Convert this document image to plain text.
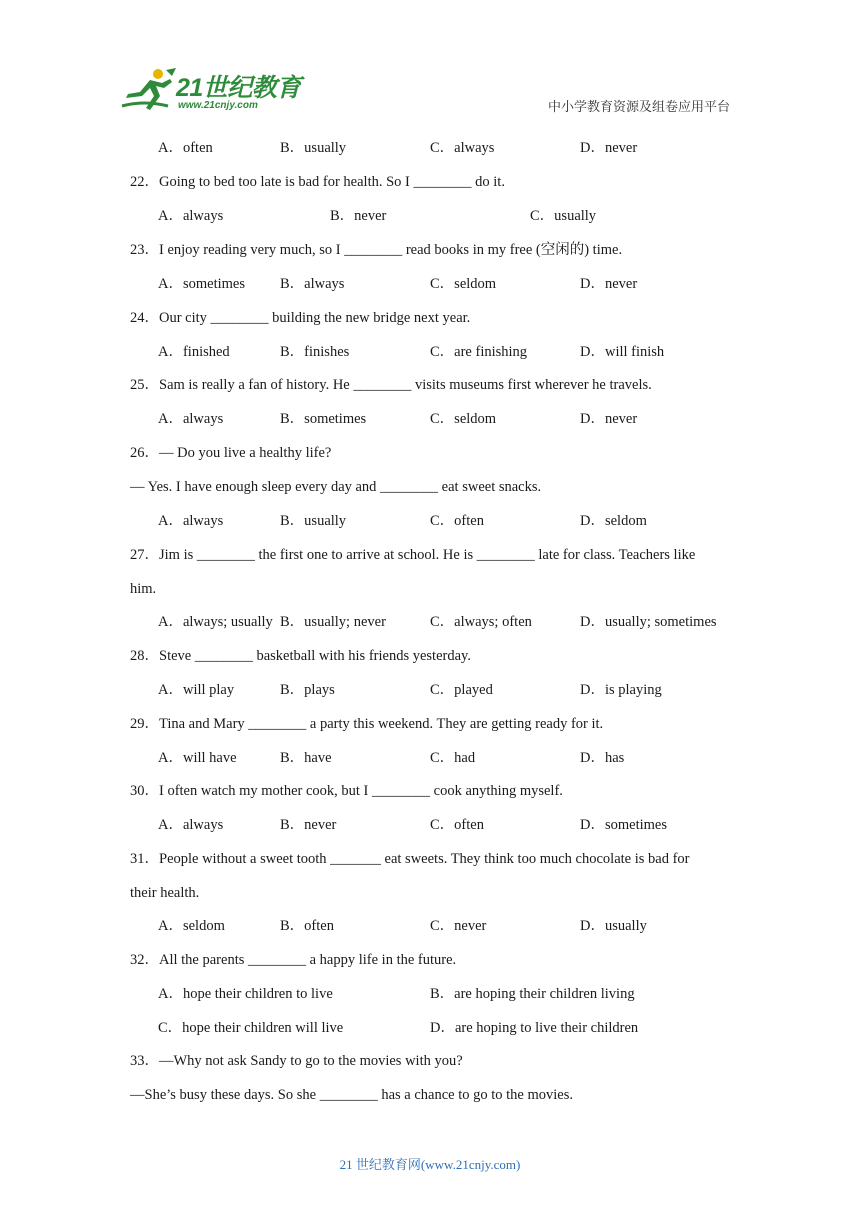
21世纪教育
www.21cnjy.com	中小学教育资源及组卷应用平台
A．often	B．usually	C．always	D．never
22．Going to bed too late is bad for health. So I ________ do it.
A．always	B．never	C．usually
23．I enjoy reading very much, so I ________ read books in my free (空闲的) time.
A．sometimes B．always	C．seldom	D．never
24．Our city ________ building the new bridge next year.
A．finished	B．finishes	C．are finishing	D．will finish
25．Sam is really a fan of history. He ________ visits museums first wherever he travels.
A．always	B．sometimes	C．seldom	D．never
26．— Do you live a healthy life?
— Yes. I have enough sleep every day and ________ eat sweet snacks.
A．always	B．usually	C．often	D．seldom
27．Jim is ________ the first one to arrive at school. He is ________ late for class. Teachers like
him.
A．always; usually B．usually; never	C．always; often	D．usually; sometimes
28．Steve ________ basketball with his friends yesterday.
A．will play	B．plays	C．played	D．is playing
29．Tina and Mary ________ a party this weekend. They are getting ready for it.
A．will have	B．have	C．had	D．has
30．I often watch my mother cook, but I ________ cook anything myself.
A．always	B．never	C．often	D．sometimes
31．People without a sweet tooth _______ eat sweets. They think too much chocolate is bad for
their health.
A．seldom	B．often	C．never	D．usually
32．All the parents ________ a happy life in the future.
A．hope their children to live	B．are hoping their children living
C．hope their children will live	D．are hoping to live their children
33．—Why not ask Sandy to go to the movies with you?
—She’s busy these days. So she ________ has a chance to go to the movies.
21 世纪教育网(www.21cnjy.com)
